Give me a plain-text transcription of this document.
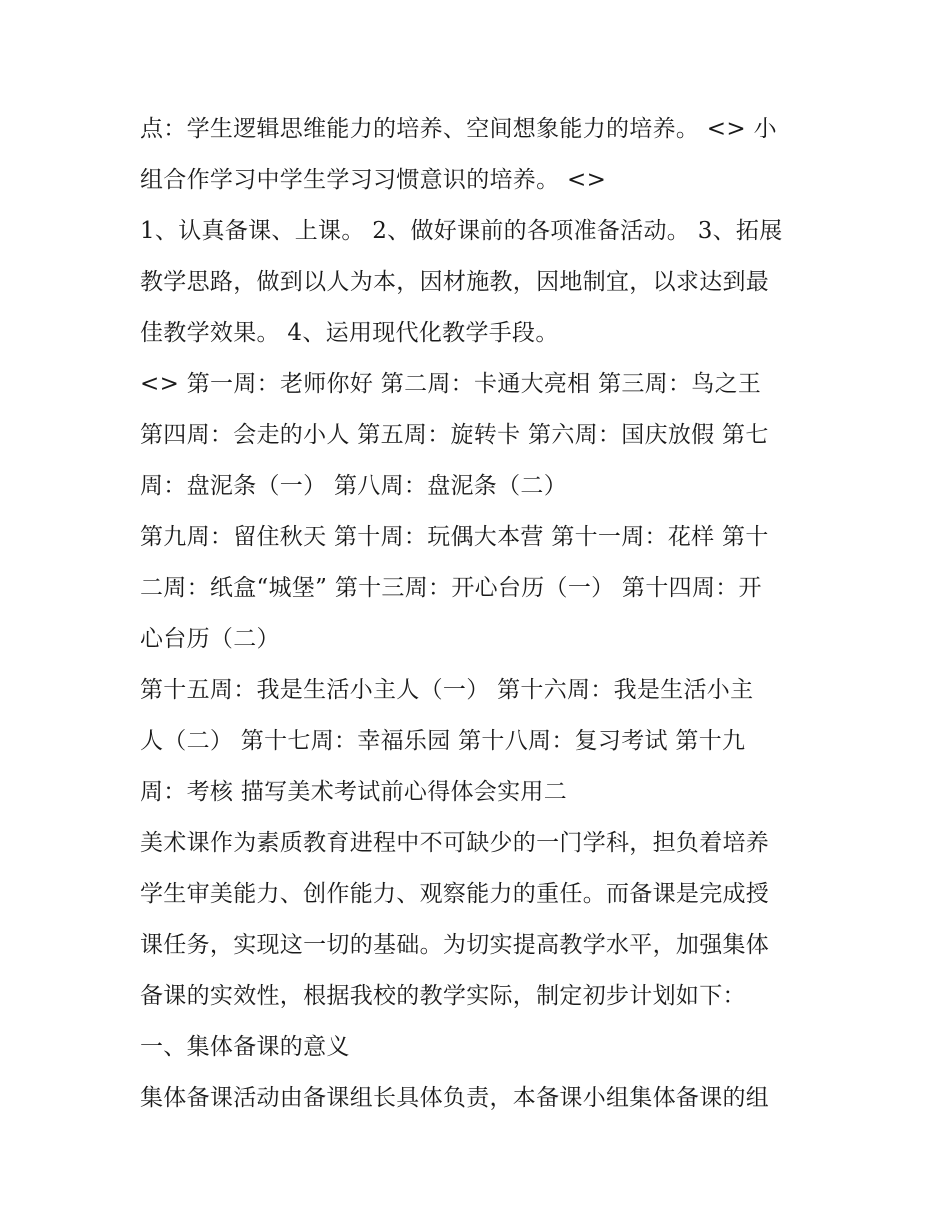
点：学生逻辑思维能力的培养、空间想象能力的培养。 <> 小
组合作学习中学生学习习惯意识的培养。 <>
1、认真备课、上课。 2、做好课前的各项准备活动。 3、拓展
教学思路，做到以人为本，因材施教，因地制宜，以求达到最
佳教学效果。 4、运用现代化教学手段。
<> 第一周：老师你好 第二周：卡通大亮相 第三周：鸟之王
第四周：会走的小人 第五周：旋转卡 第六周：国庆放假 第七
周：盘泥条（一） 第八周：盘泥条（二）
第九周：留住秋天 第十周：玩偶大本营 第十一周：花样 第十
二周：纸盒“城堡” 第十三周：开心台历（一） 第十四周：开
心台历（二）
第十五周：我是生活小主人（一） 第十六周：我是生活小主
人（二） 第十七周：幸福乐园 第十八周：复习考试 第十九
周：考核 描写美术考试前心得体会实用二
美术课作为素质教育进程中不可缺少的一门学科，担负着培养
学生审美能力、创作能力、观察能力的重任。而备课是完成授
课任务，实现这一切的基础。为切实提高教学水平，加强集体
备课的实效性，根据我校的教学实际，制定初步计划如下：
一、集体备课的意义
集体备课活动由备课组长具体负责，本备课小组集体备课的组
